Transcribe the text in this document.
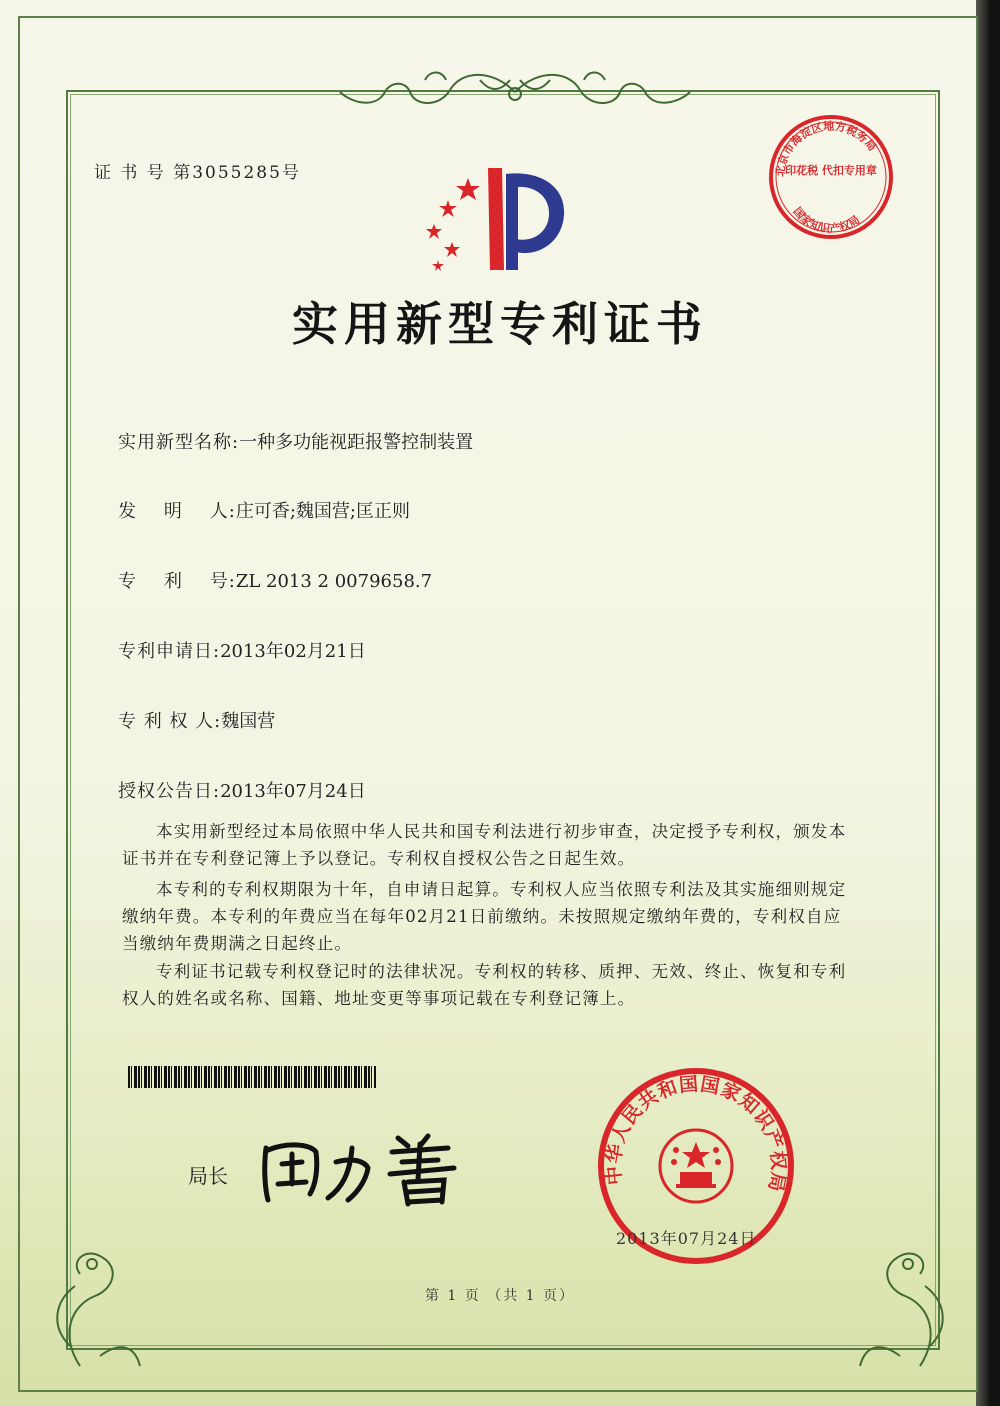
证 书 号 第3055285号
实用新型专利证书
实用新型名称:一种多功能视距报警控制装置
发    明    人:庄可香;魏国营;匡正则
专    利    号:ZL 2013 2 0079658.7
专利申请日:2013年02月21日
专 利 权 人:魏国营
授权公告日:2013年07月24日
本实用新型经过本局依照中华人民共和国专利法进行初步审查，决定授予专利权，颁发本证书并在专利登记簿上予以登记。专利权自授权公告之日起生效。
本专利的专利权期限为十年，自申请日起算。专利权人应当依照专利法及其实施细则规定缴纳年费。本专利的年费应当在每年02月21日前缴纳。未按照规定缴纳年费的，专利权自应当缴纳年费期满之日起终止。
专利证书记载专利权登记时的法律状况。专利权的转移、质押、无效、终止、恢复和专利权人的姓名或名称、国籍、地址变更等事项记载在专利登记簿上。
局长
北京市海淀区地方税务局
印花税 代扣专用章
国家知识产权局
中华人民共和国国家知识产权局
2013年07月24日
第 1 页 （共 1 页）
